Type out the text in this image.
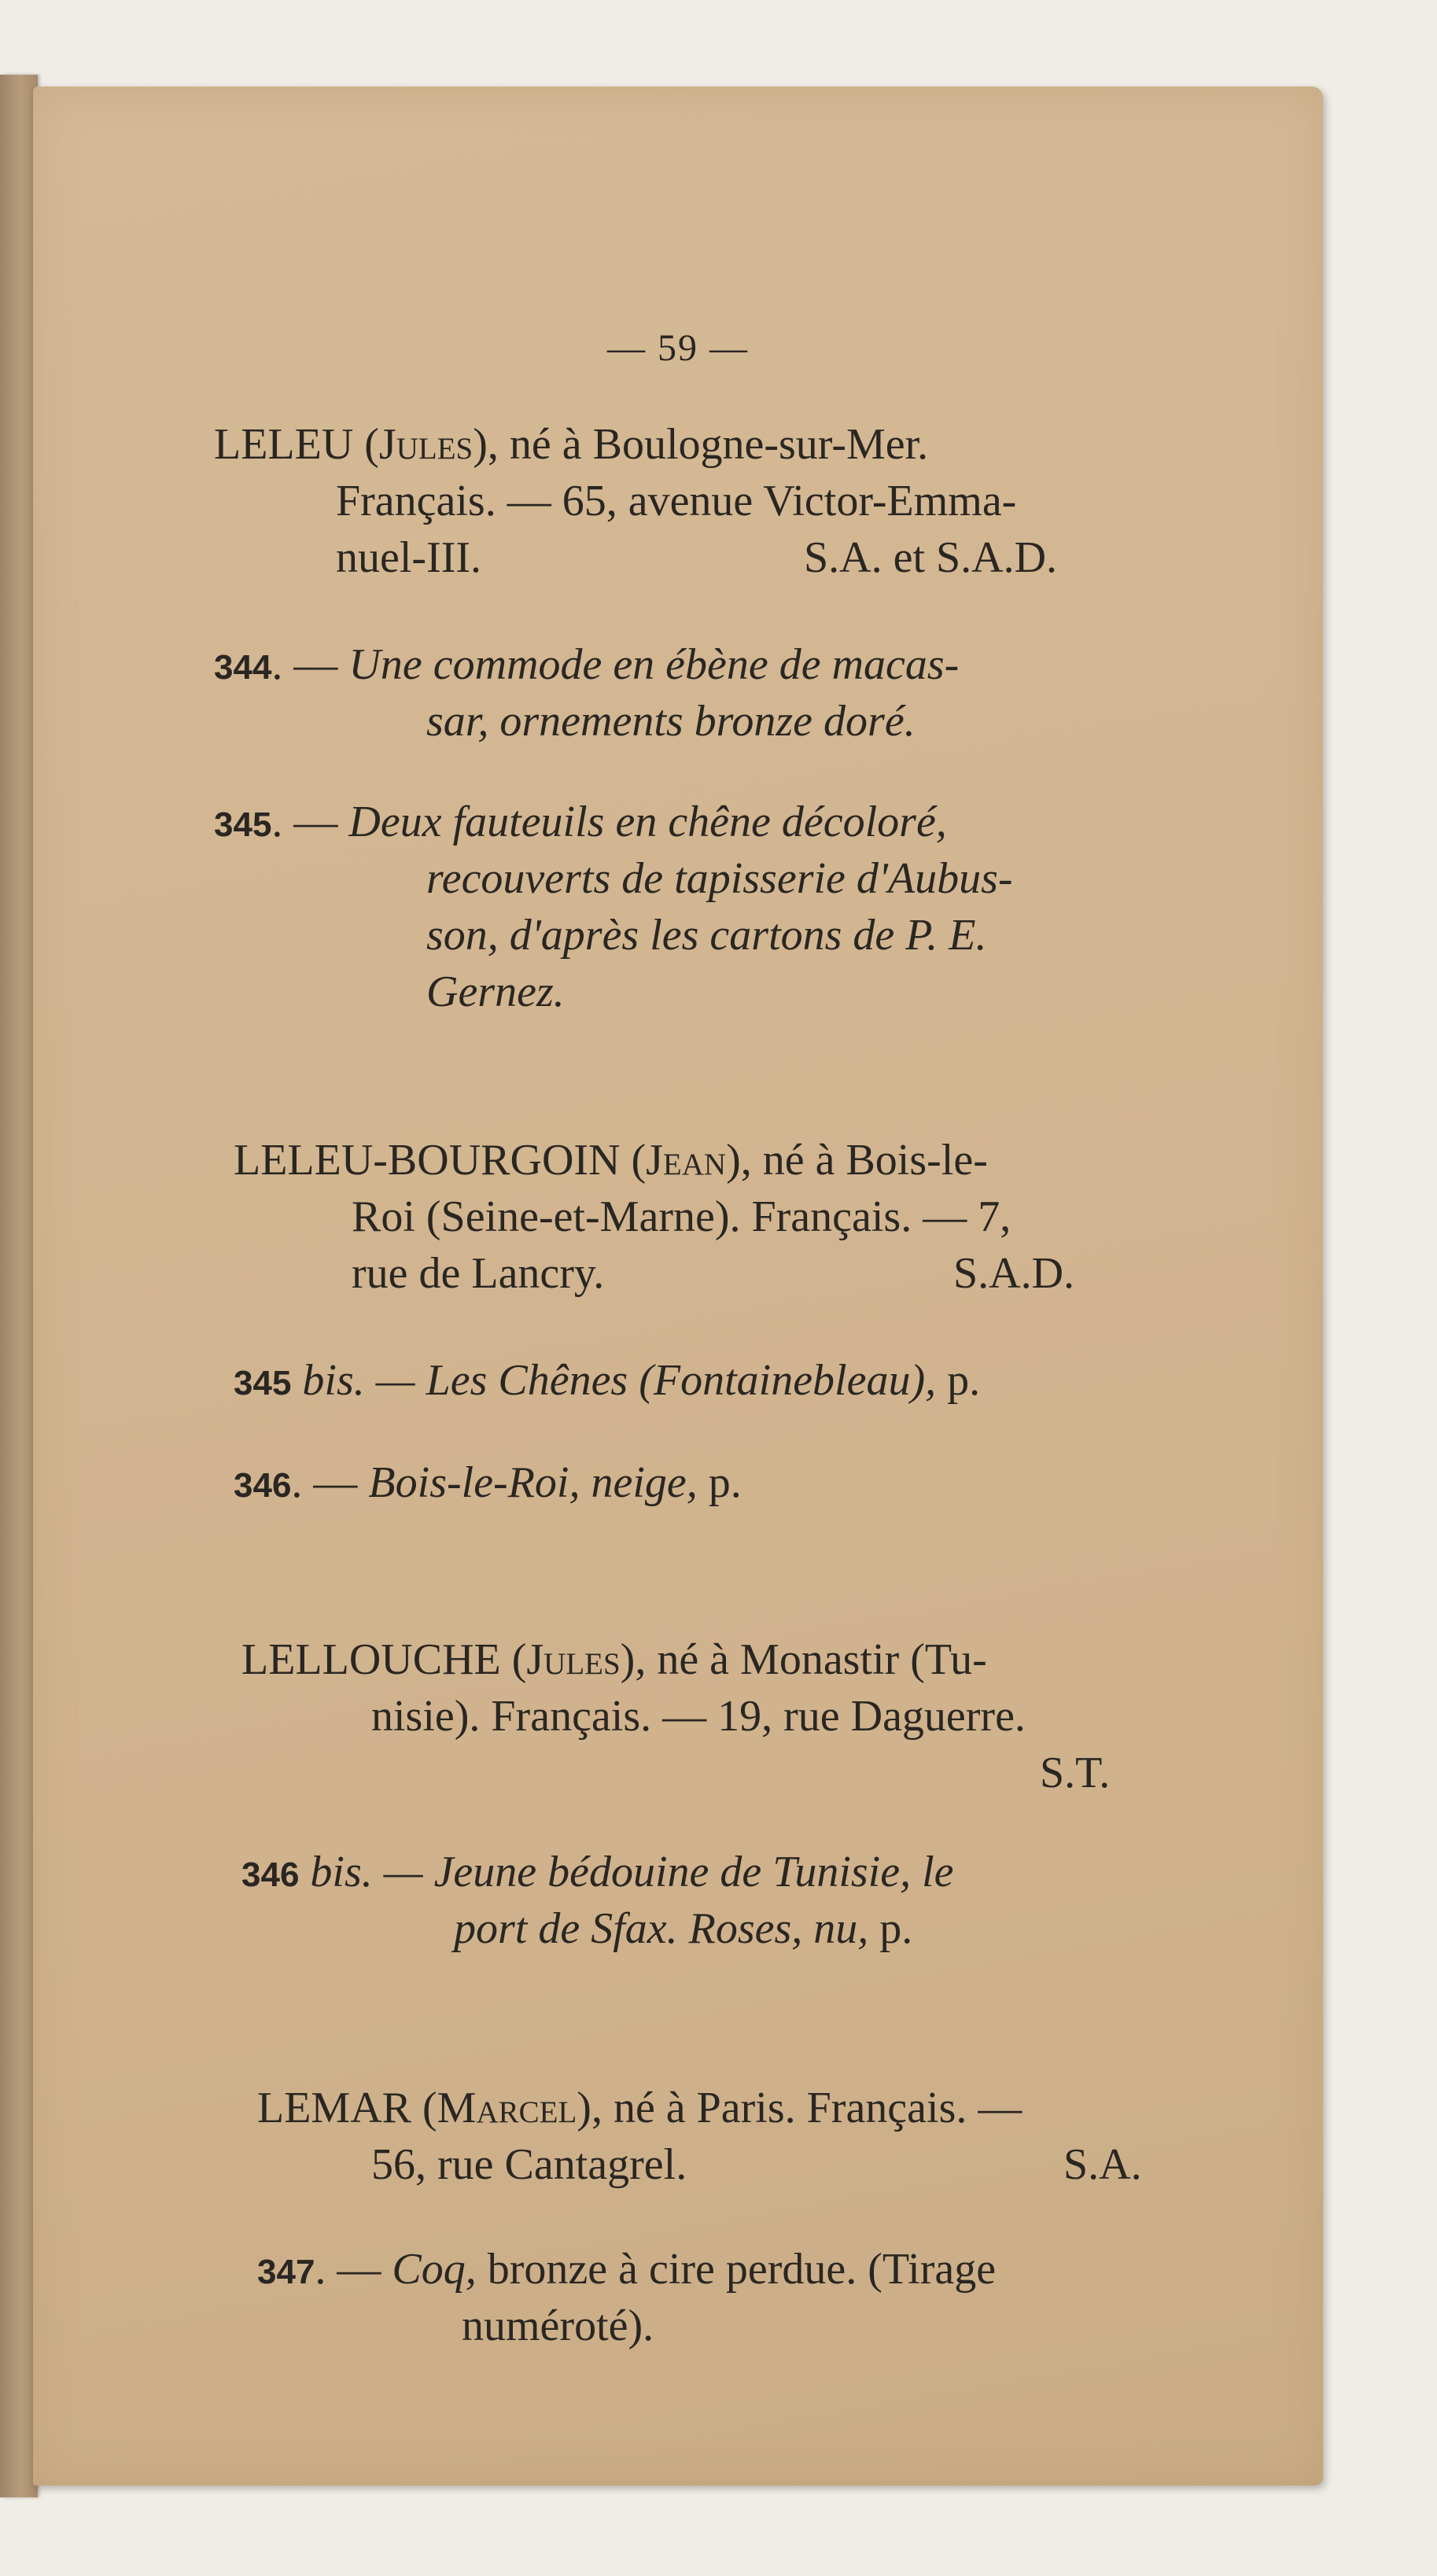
— 59 —
LELEU (Jules), né à Boulogne-sur-Mer.
Français. — 65, avenue Victor-Emma-
nuel-III.	S.A. et S.A.D.
344. — Une commode en ébène de macas-
sar, ornements bronze doré.
345. — Deux fauteuils en chêne décoloré,
recouverts de tapisserie d'Aubus-
son, d'après les cartons de P. E.
Gernez.
LELEU-BOURGOIN (Jean), né à Bois-le-
Roi (Seine-et-Marne). Français. — 7,
rue de Lancry.	S.A.D.
345 bis. — Les Chênes (Fontainebleau), p.
346. — Bois-le-Roi, neige, p.
LELLOUCHE (Jules), né à Monastir (Tu-
nisie). Français. — 19, rue Daguerre.
S.T.
346 bis. — Jeune bédouine de Tunisie, le
port de Sfax. Roses, nu, p.
LEMAR (Marcel), né à Paris. Français. —
56, rue Cantagrel.	S.A.
347. — Coq, bronze à cire perdue. (Tirage
numéroté).
